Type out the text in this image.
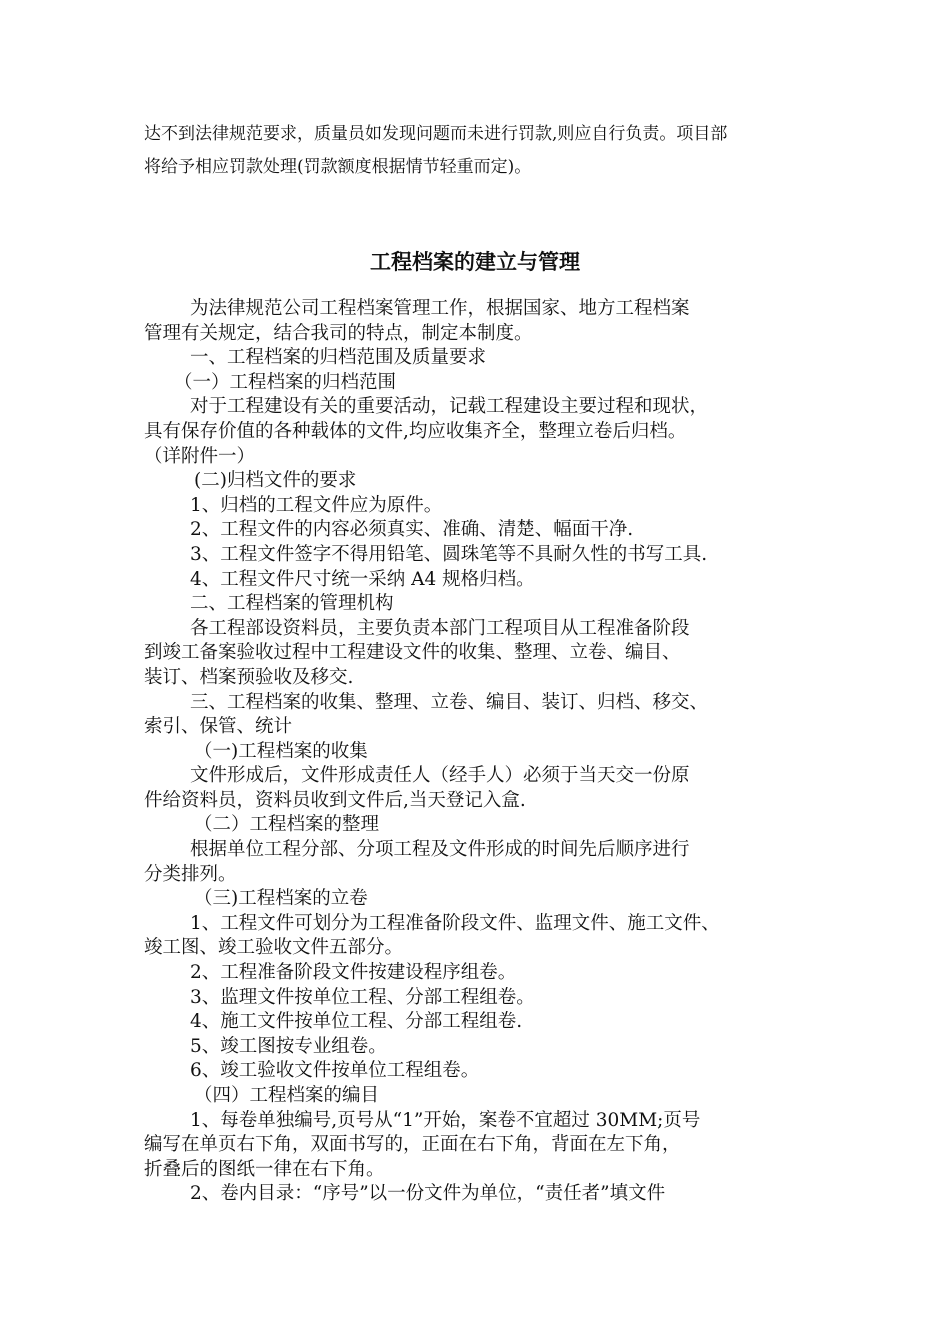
达不到法律规范要求，质量员如发现问题而未进行罚款,则应自行负责。项目部
将给予相应罚款处理(罚款额度根据情节轻重而定)。
工程档案的建立与管理
为法律规范公司工程档案管理工作，根据国家、地方工程档案
管理有关规定，结合我司的特点，制定本制度。
一、工程档案的归档范围及质量要求
（一）工程档案的归档范围
对于工程建设有关的重要活动，记载工程建设主要过程和现状，
具有保存价值的各种载体的文件,均应收集齐全，整理立卷后归档。
（详附件一）
(二)归档文件的要求
1、归档的工程文件应为原件。
2、工程文件的内容必须真实、准确、清楚、幅面干净.
3、工程文件签字不得用铅笔、圆珠笔等不具耐久性的书写工具.
4、工程文件尺寸统一采纳 A4 规格归档。
二、工程档案的管理机构
各工程部设资料员，主要负责本部门工程项目从工程准备阶段
到竣工备案验收过程中工程建设文件的收集、整理、立卷、编目、
装订、档案预验收及移交.
三、工程档案的收集、整理、立卷、编目、装订、归档、移交、
索引、保管、统计
（一)工程档案的收集
文件形成后，文件形成责任人（经手人）必须于当天交一份原
件给资料员，资料员收到文件后,当天登记入盒.
（二）工程档案的整理
根据单位工程分部、分项工程及文件形成的时间先后顺序进行
分类排列。
（三)工程档案的立卷
1、工程文件可划分为工程准备阶段文件、监理文件、施工文件、
竣工图、竣工验收文件五部分。
2、工程准备阶段文件按建设程序组卷。
3、监理文件按单位工程、分部工程组卷。
4、施工文件按单位工程、分部工程组卷.
5、竣工图按专业组卷。
6、竣工验收文件按单位工程组卷。
（四）工程档案的编目
1、每卷单独编号,页号从“1”开始，案卷不宜超过 30MM;页号
编写在单页右下角，双面书写的，正面在右下角，背面在左下角，
折叠后的图纸一律在右下角。
2、卷内目录：“序号”以一份文件为单位，“责任者”填文件
